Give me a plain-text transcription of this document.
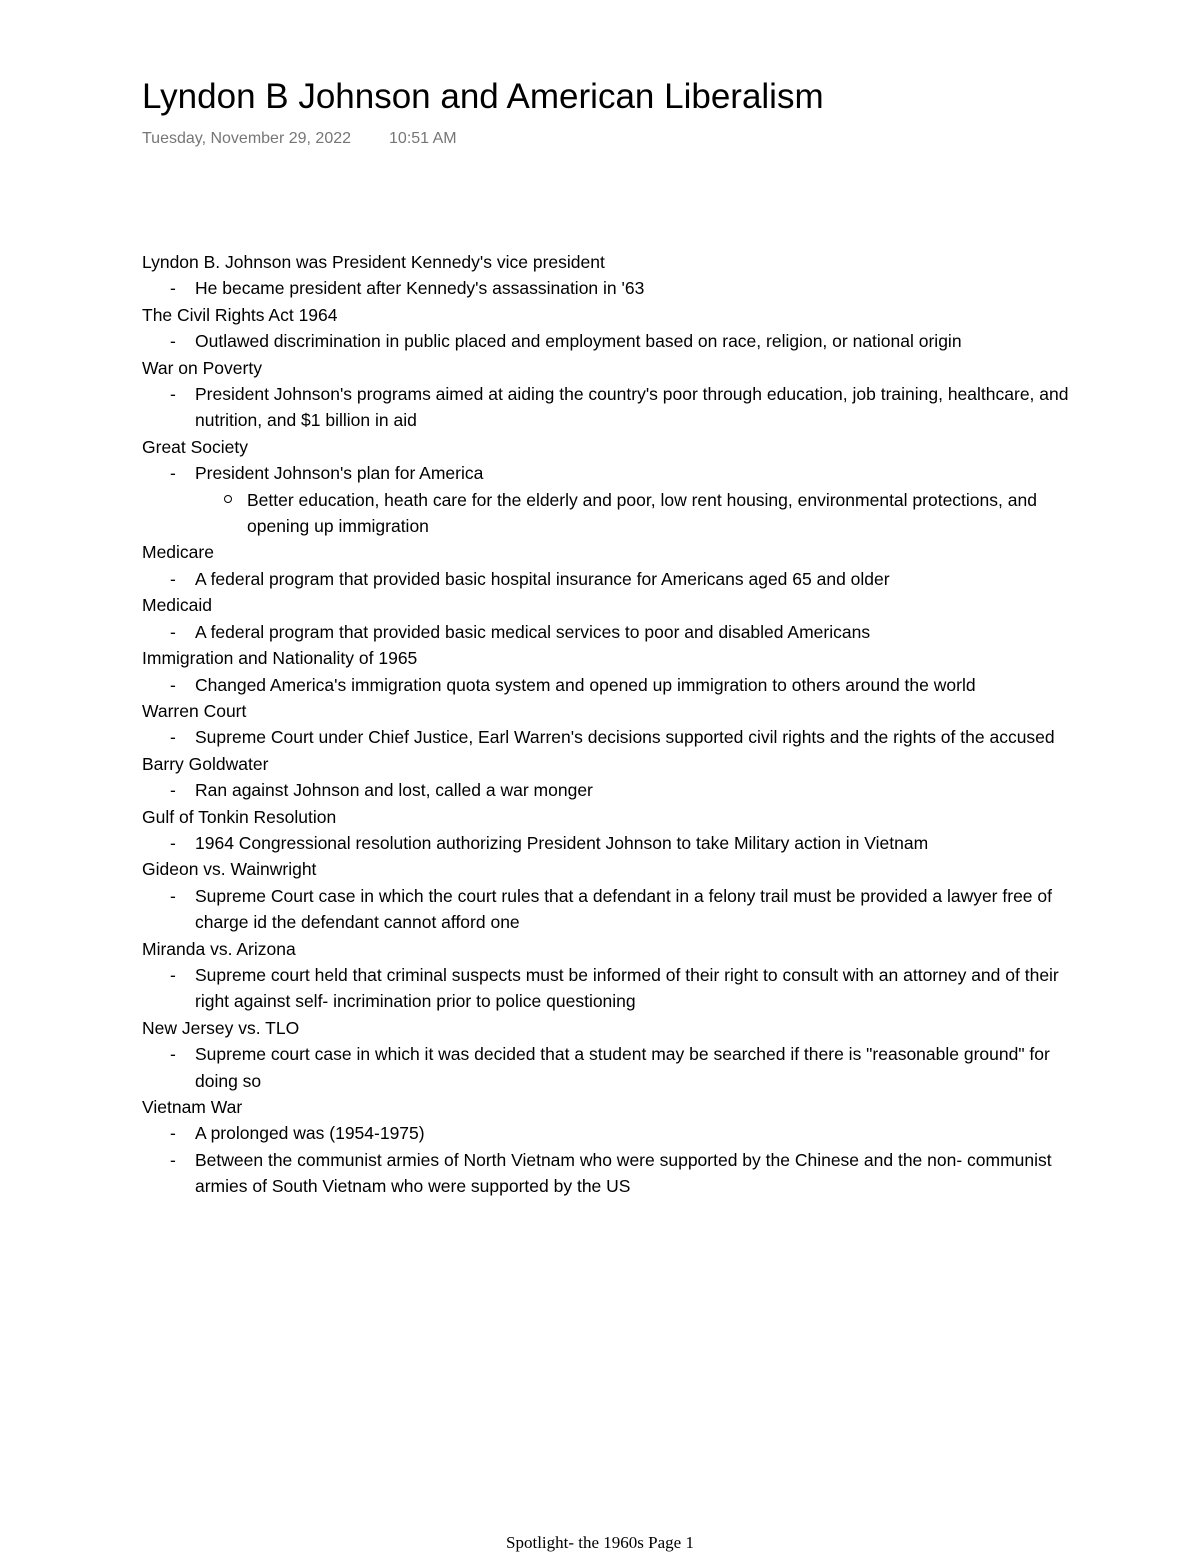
Lyndon B Johnson and American Liberalism
Tuesday, November 29, 2022 10:51 AM

Lyndon B. Johnson was President Kennedy's vice president

- He became president after Kennedy's assassination in '63

The Civil Rights Act 1964

- Outlawed discrimination in public placed and employment based on race, religion, or national origin

War on Poverty

- President Johnson's programs aimed at aiding the country's poor through education, job training, healthcare, and nutrition, and $1 billion in aid

Great Society

- President Johnson's plan for America

Better education, heath care for the elderly and poor, low rent housing, environmental protections, and opening up immigration

Medicare

- A federal program that provided basic hospital insurance for Americans aged 65 and older

Medicaid

- A federal program that provided basic medical services to poor and disabled Americans

Immigration and Nationality of 1965

- Changed America's immigration quota system and opened up immigration to others around the world

Warren Court

- Supreme Court under Chief Justice, Earl Warren's decisions supported civil rights and the rights of the accused

Barry Goldwater

- Ran against Johnson and lost, called a war monger

Gulf of Tonkin Resolution

- 1964 Congressional resolution authorizing President Johnson to take Military action in Vietnam

Gideon vs. Wainwright

- Supreme Court case in which the court rules that a defendant in a felony trail must be provided a lawyer free of charge id the defendant cannot afford one

Miranda vs. Arizona

- Supreme court held that criminal suspects must be informed of their right to consult with an attorney and of their right against self- incrimination prior to police questioning

New Jersey vs. TLO

- Supreme court case in which it was decided that a student may be searched if there is "reasonable ground" for doing so

Vietnam War

- A prolonged was (1954-1975)

- Between the communist armies of North Vietnam who were supported by the Chinese and the non- communist armies of South Vietnam who were supported by the US

Spotlight- the 1960s Page 1
